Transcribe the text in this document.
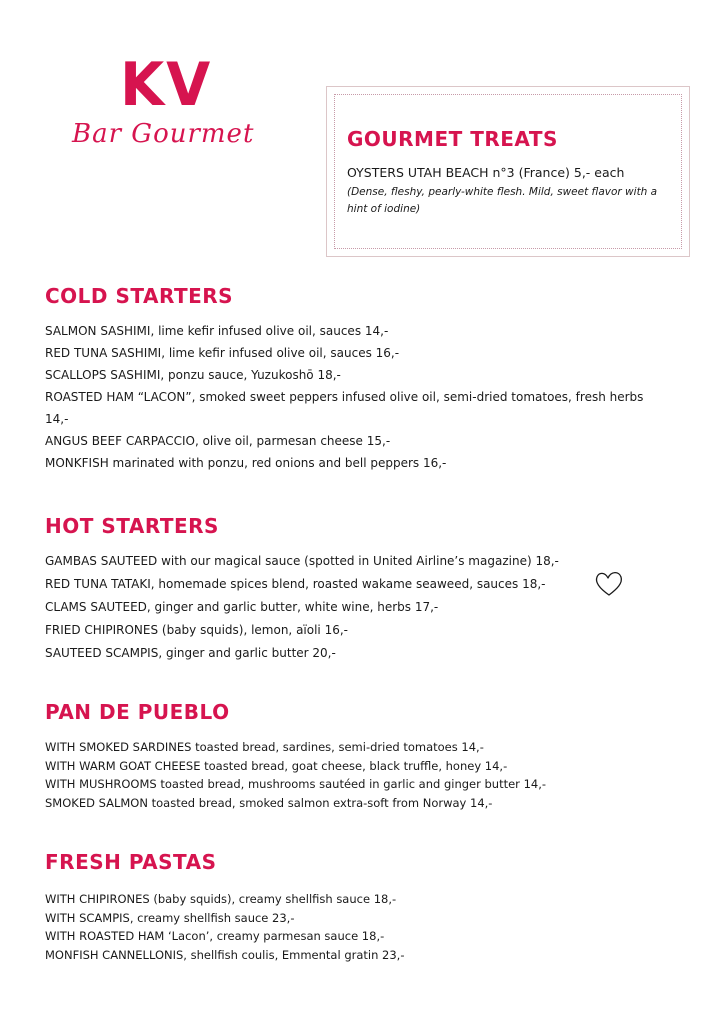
KV
Bar Gourmet	GOURMET TREATS
OYSTERS UTAH BEACH n°3 (France) 5,- each
(Dense, fleshy, pearly-white flesh. Mild, sweet flavor with a hint of iodine)
COLD STARTERS
SALMON SASHIMI, lime kefir infused olive oil, sauces 14,-
RED TUNA SASHIMI, lime kefir infused olive oil, sauces 16,-
SCALLOPS SASHIMI, ponzu sauce, Yuzukoshō 18,-
ROASTED HAM “LACON”, smoked sweet peppers infused olive oil, semi-dried tomatoes, fresh herbs 14,-
ANGUS BEEF CARPACCIO, olive oil, parmesan cheese 15,-
MONKFISH marinated with ponzu, red onions and bell peppers 16,-
HOT STARTERS
GAMBAS SAUTEED with our magical sauce (spotted in United Airline’s magazine) 18,-
RED TUNA TATAKI, homemade spices blend, roasted wakame seaweed, sauces 18,-
CLAMS SAUTEED, ginger and garlic butter, white wine, herbs 17,-
FRIED CHIPIRONES (baby squids), lemon, aïoli 16,-
SAUTEED SCAMPIS, ginger and garlic butter 20,-
PAN DE PUEBLO
WITH SMOKED SARDINES toasted bread, sardines, semi-dried tomatoes 14,-
WITH WARM GOAT CHEESE toasted bread, goat cheese, black truffle, honey 14,-
WITH MUSHROOMS toasted bread, mushrooms sautéed in garlic and ginger butter 14,-
SMOKED SALMON toasted bread, smoked salmon extra-soft from Norway 14,-
FRESH PASTAS
WITH CHIPIRONES (baby squids), creamy shellfish sauce 18,-
WITH SCAMPIS, creamy shellfish sauce 23,-
WITH ROASTED HAM ‘Lacon’, creamy parmesan sauce 18,-
MONFISH CANNELLONIS, shellfish coulis, Emmental gratin 23,-
